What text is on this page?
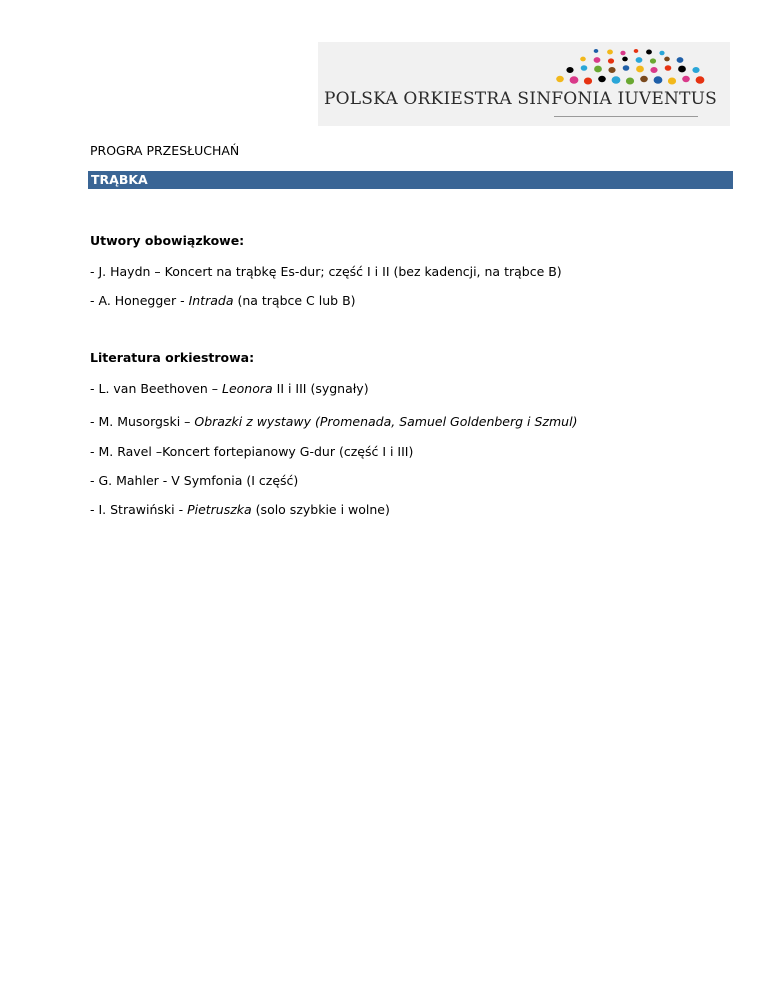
POLSKA ORKIESTRA SINFONIA IUVENTUS
PROGRA PRZESŁUCHAŃ
TRĄBKA
Utwory obowiązkowe:
- J. Haydn – Koncert na trąbkę Es-dur; część I i II (bez kadencji, na trąbce B)
- A. Honegger - Intrada (na trąbce C lub B)
Literatura orkiestrowa:
- L. van Beethoven – Leonora II i III (sygnały)
- M. Musorgski – Obrazki z wystawy (Promenada, Samuel Goldenberg i Szmul)
- M. Ravel –Koncert fortepianowy G-dur (część I i III)
- G. Mahler - V Symfonia (I część)
- I. Strawiński - Pietruszka (solo szybkie i wolne)
